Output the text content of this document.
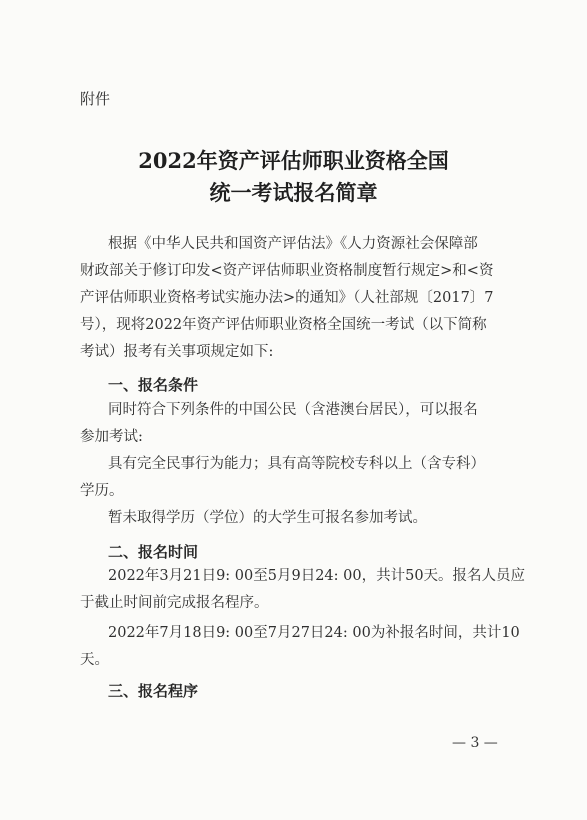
附件
2022年资产评估师职业资格全国
统一考试报名简章
根据《中华人民共和国资产评估法》《人力资源社会保障部
财政部关于修订印发<资产评估师职业资格制度暂行规定>和<资
产评估师职业资格考试实施办法>的通知》（人社部规〔2017〕7
号），现将2022年资产评估师职业资格全国统一考试（以下简称
考试）报考有关事项规定如下:
一、报名条件
同时符合下列条件的中国公民（含港澳台居民），可以报名
参加考试:
具有完全民事行为能力；具有高等院校专科以上（含专科）
学历。
暂未取得学历（学位）的大学生可报名参加考试。
二、报名时间
2022年3月21日9: 00至5月9日24: 00，共计50天。报名人员应
于截止时间前完成报名程序。
2022年7月18日9: 00至7月27日24: 00为补报名时间，共计10
天。
三、报名程序
— 3 —
